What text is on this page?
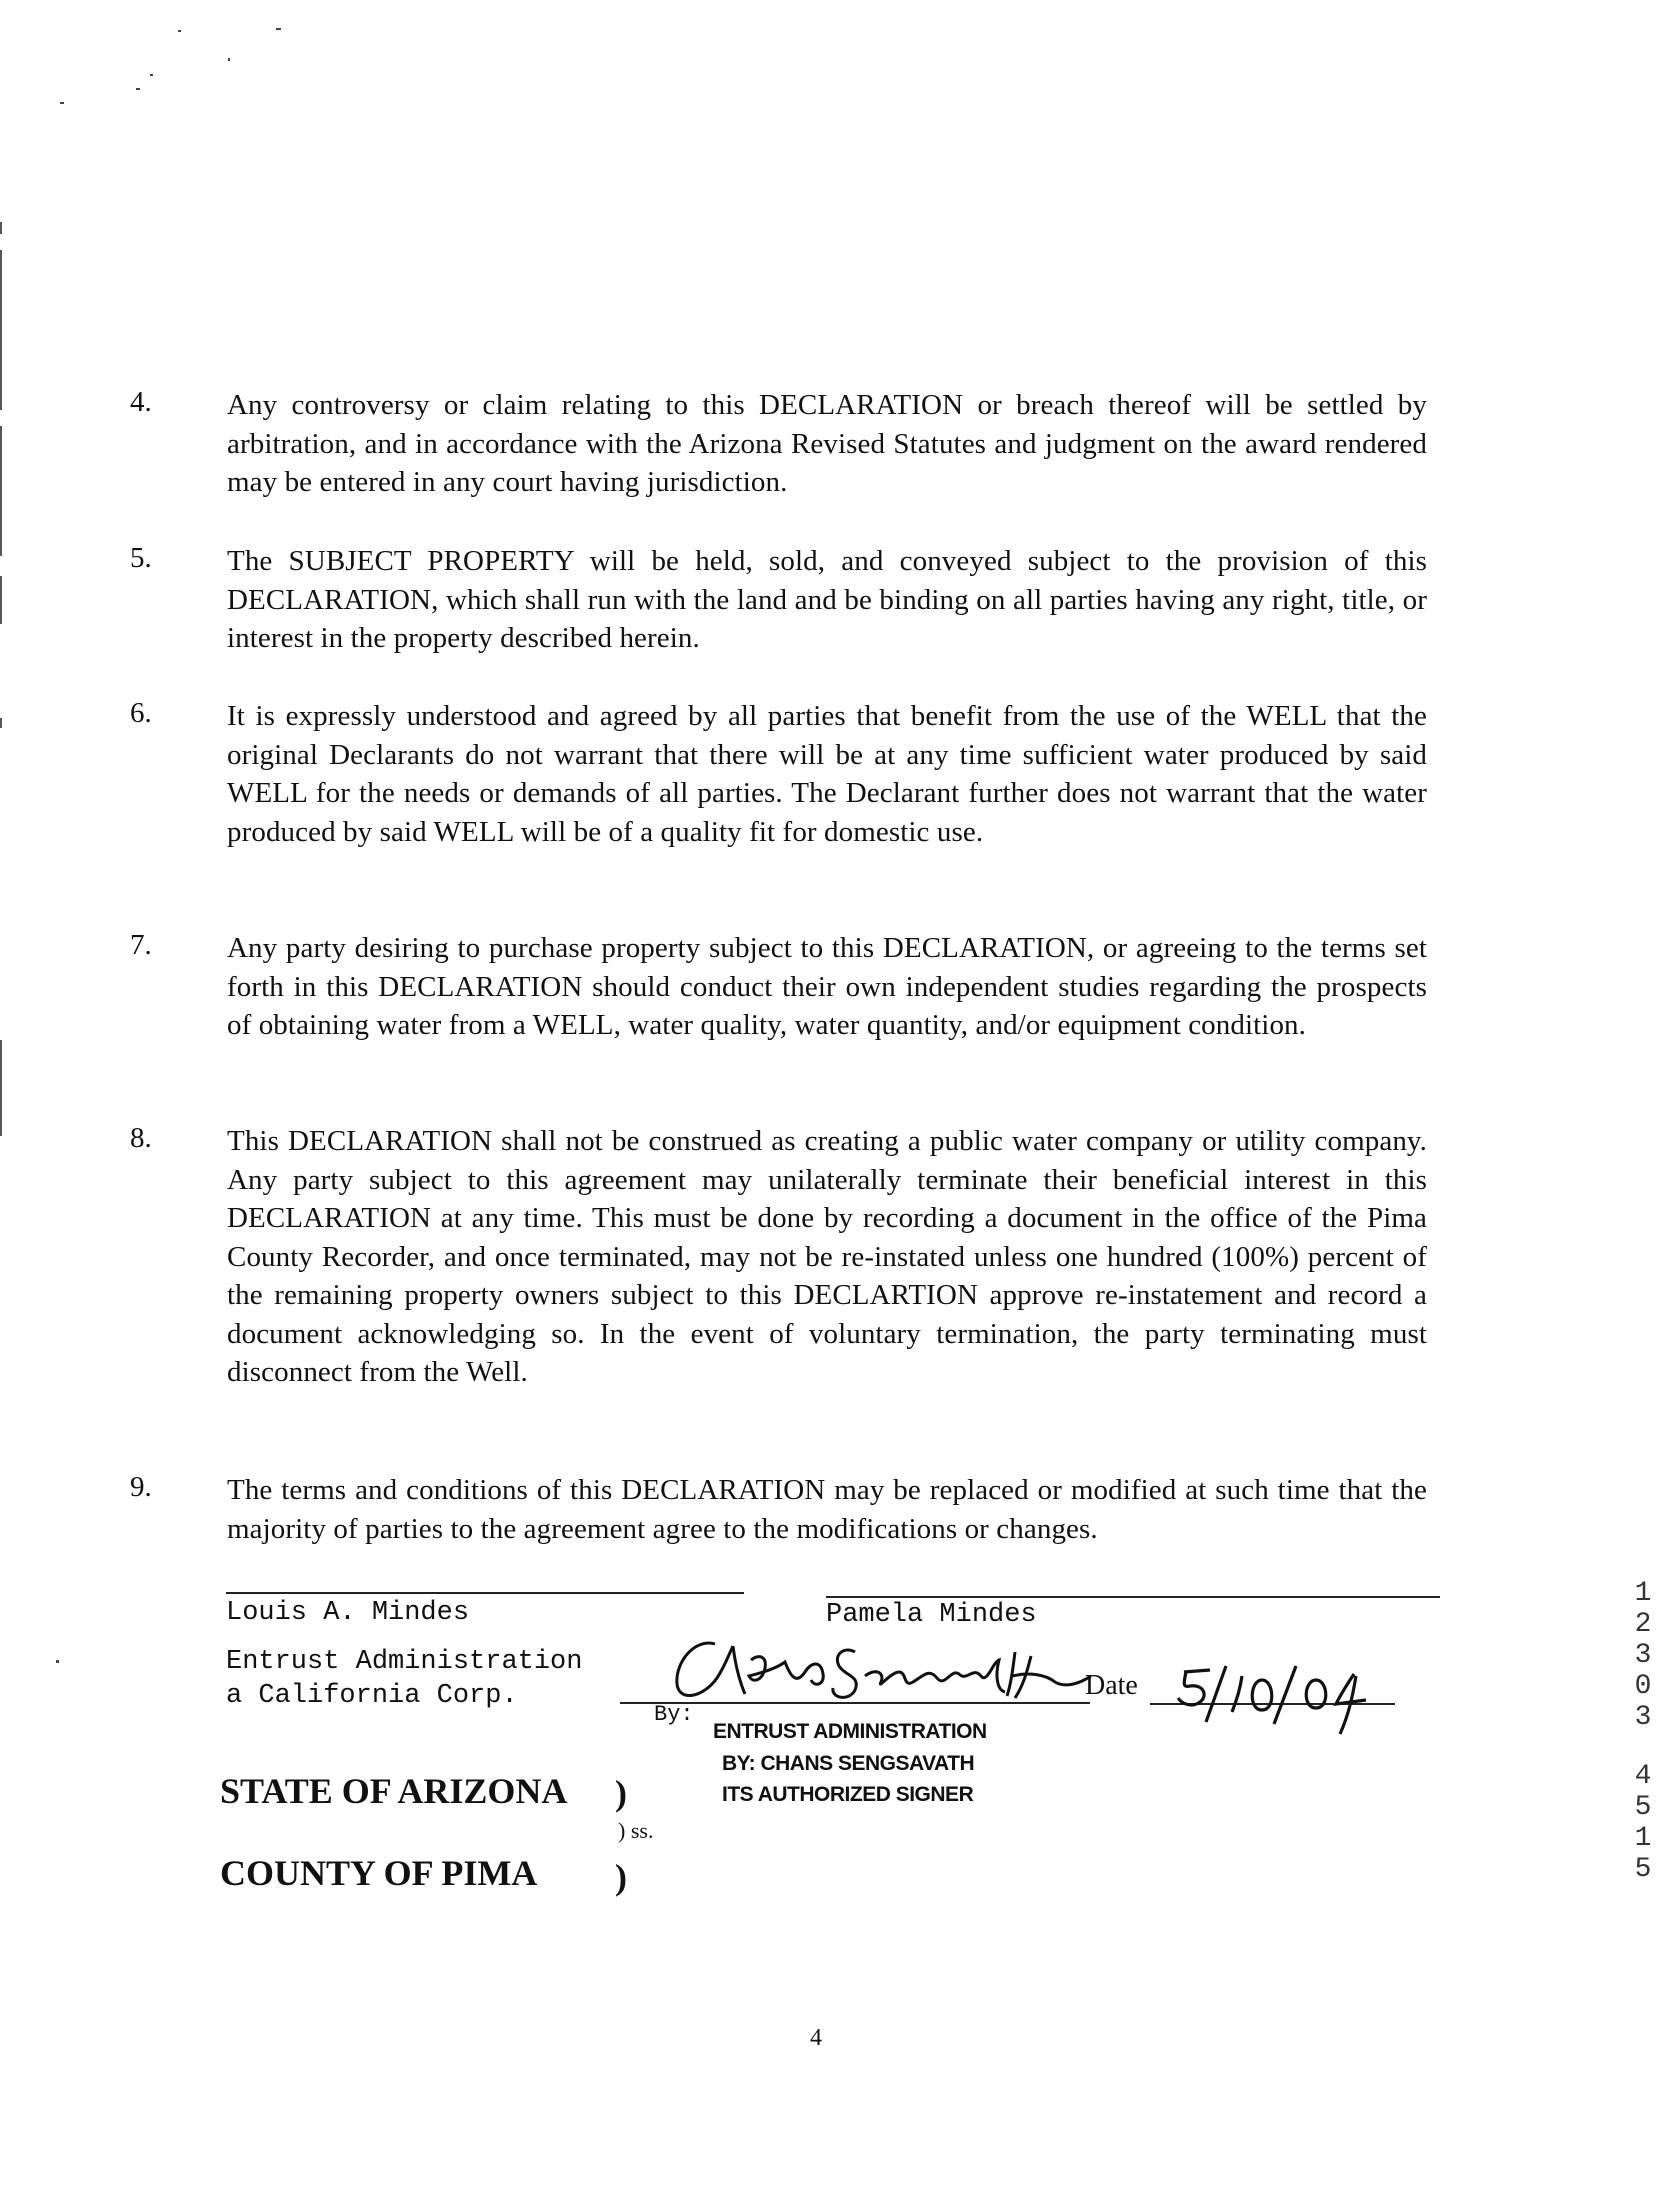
4.	Any controversy or claim relating to this DECLARATION or breach thereof will be settled by arbitration, and in accordance with the Arizona Revised Statutes and judgment on the award rendered may be entered in any court having jurisdiction.
5.	The SUBJECT PROPERTY will be held, sold, and conveyed subject to the provision of this DECLARATION, which shall run with the land and be binding on all parties having any right, title, or interest in the property described herein.
6.	It is expressly understood and agreed by all parties that benefit from the use of the WELL that the original Declarants do not warrant that there will be at any time sufficient water produced by said WELL for the needs or demands of all parties. The Declarant further does not warrant that the water produced by said WELL will be of a quality fit for domestic use.
7.	Any party desiring to purchase property subject to this DECLARATION, or agreeing to the terms set forth in this DECLARATION should conduct their own independent studies regarding the prospects of obtaining water from a WELL, water quality, water quantity, and/or equipment condition.
8.	This DECLARATION shall not be construed as creating a public water company or utility company. Any party subject to this agreement may unilaterally terminate their beneficial interest in this DECLARATION at any time. This must be done by recording a document in the office of the Pima County Recorder, and once terminated, may not be re-instated unless one hundred (100%) percent of the remaining property owners subject to this DECLARTION approve re-instatement and record a document acknowledging so. In the event of voluntary termination, the party terminating must disconnect from the Well.
9.	The terms and conditions of this DECLARATION may be replaced or modified at such time that the majority of parties to the agreement agree to the modifications or changes.
Louis A. Mindes	Pamela Mindes
Entrust Administration
a California Corp.
By:
Date
ENTRUST ADMINISTRATION
BY: CHANS SENGSAVATH
ITS AUTHORIZED SIGNER
STATE OF ARIZONA )
) ss.
COUNTY OF PIMA )
4
1
2
3
0
3
4
5
1
5
